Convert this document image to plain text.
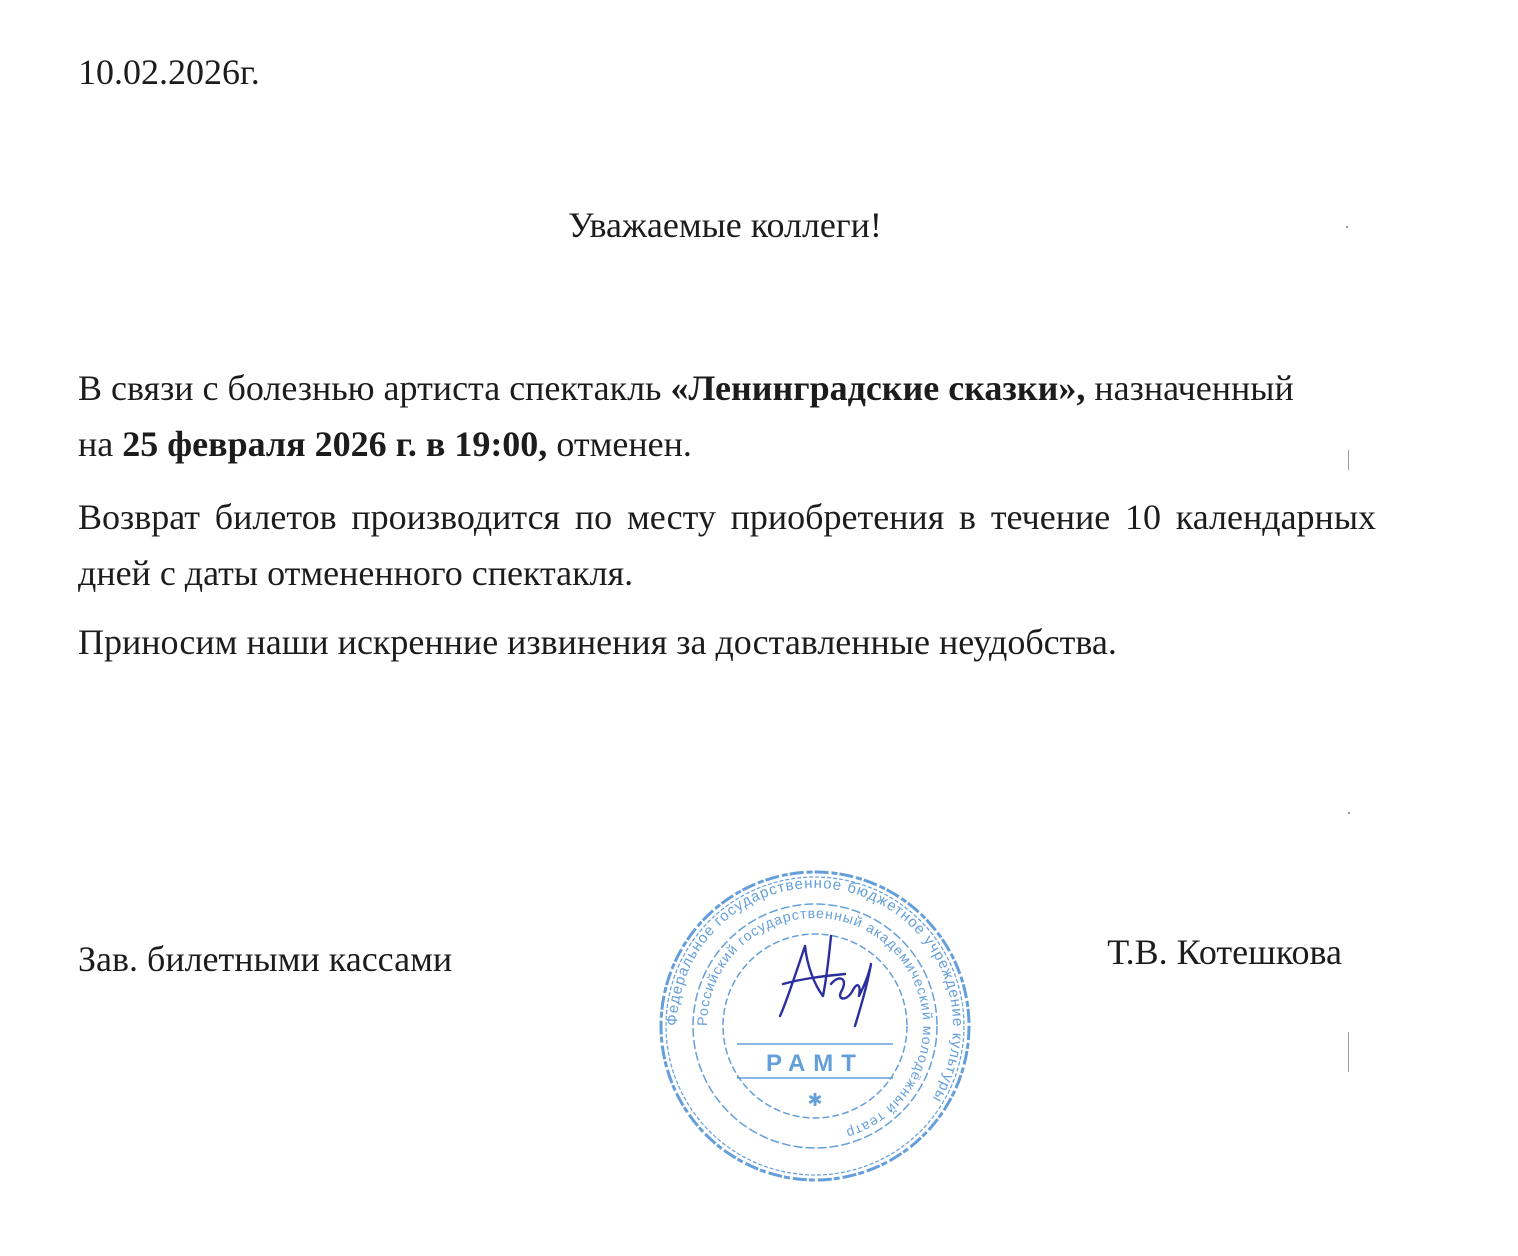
10.02.2026г.
Уважаемые коллеги!
В связи с болезнью артиста спектакль «Ленинградские сказки», назначенный
на 25 февраля 2026 г. в 19:00, отменен.
Возврат билетов производится по месту приобретения в течение 10 календарных дней с даты отмененного спектакля.
Приносим наши искренние извинения за доставленные неудобства.
Зав. билетными кассами	Т.В. Котешкова
Федеральное государственное бюджетное учреждение культуры
Российский государственный академический молодёжный театр
РАМТ
✱
